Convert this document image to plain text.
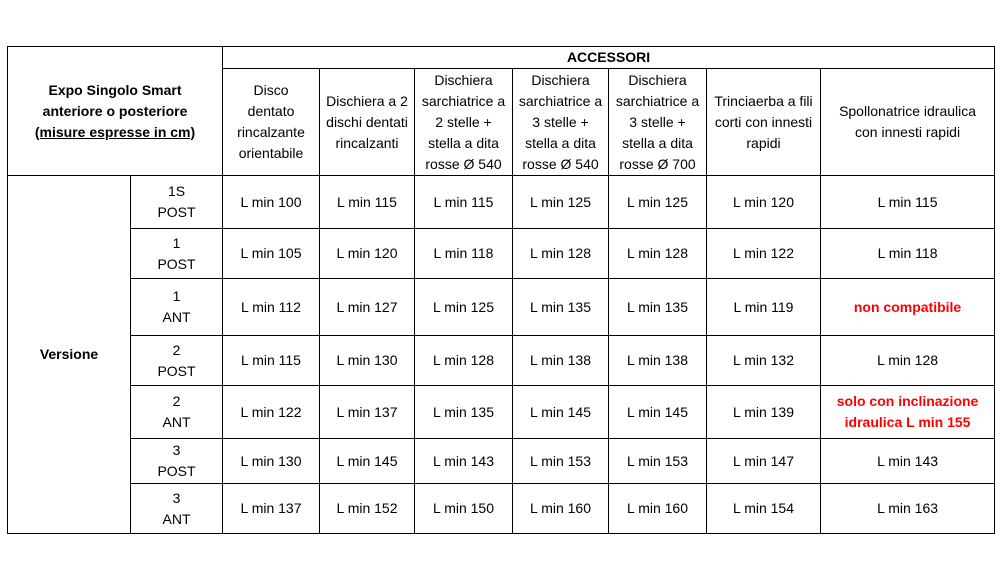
Expo Singolo Smart
anteriore o posteriore
(misure espresse in cm)		ACCESSORI						

		Disco
dentato
rincalzante
orientabile	Dischiera a 2
dischi dentati
rincalzanti	Dischiera
sarchiatrice a
2 stelle +
stella a dita
rosse Ø 540	Dischiera
sarchiatrice a
3 stelle +
stella a dita
rosse Ø 540	Dischiera
sarchiatrice a
3 stelle +
stella a dita
rosse Ø 700	Trinciaerba a fili
corti con innesti
rapidi	Spollonatrice idraulica
con innesti rapidi

Versione	1S
POST	L min 100	L min 115	L min 115	L min 125	L min 125	L min 120	L min 115

	1
POST	L min 105	L min 120	L min 118	L min 128	L min 128	L min 122	L min 118

	1
ANT	L min 112	L min 127	L min 125	L min 135	L min 135	L min 119	non compatibile

	2
POST	L min 115	L min 130	L min 128	L min 138	L min 138	L min 132	L min 128

	2
ANT	L min 122	L min 137	L min 135	L min 145	L min 145	L min 139	solo con inclinazione
idraulica L min 155

	3
POST	L min 130	L min 145	L min 143	L min 153	L min 153	L min 147	L min 143

	3
ANT	L min 137	L min 152	L min 150	L min 160	L min 160	L min 154	L min 163
